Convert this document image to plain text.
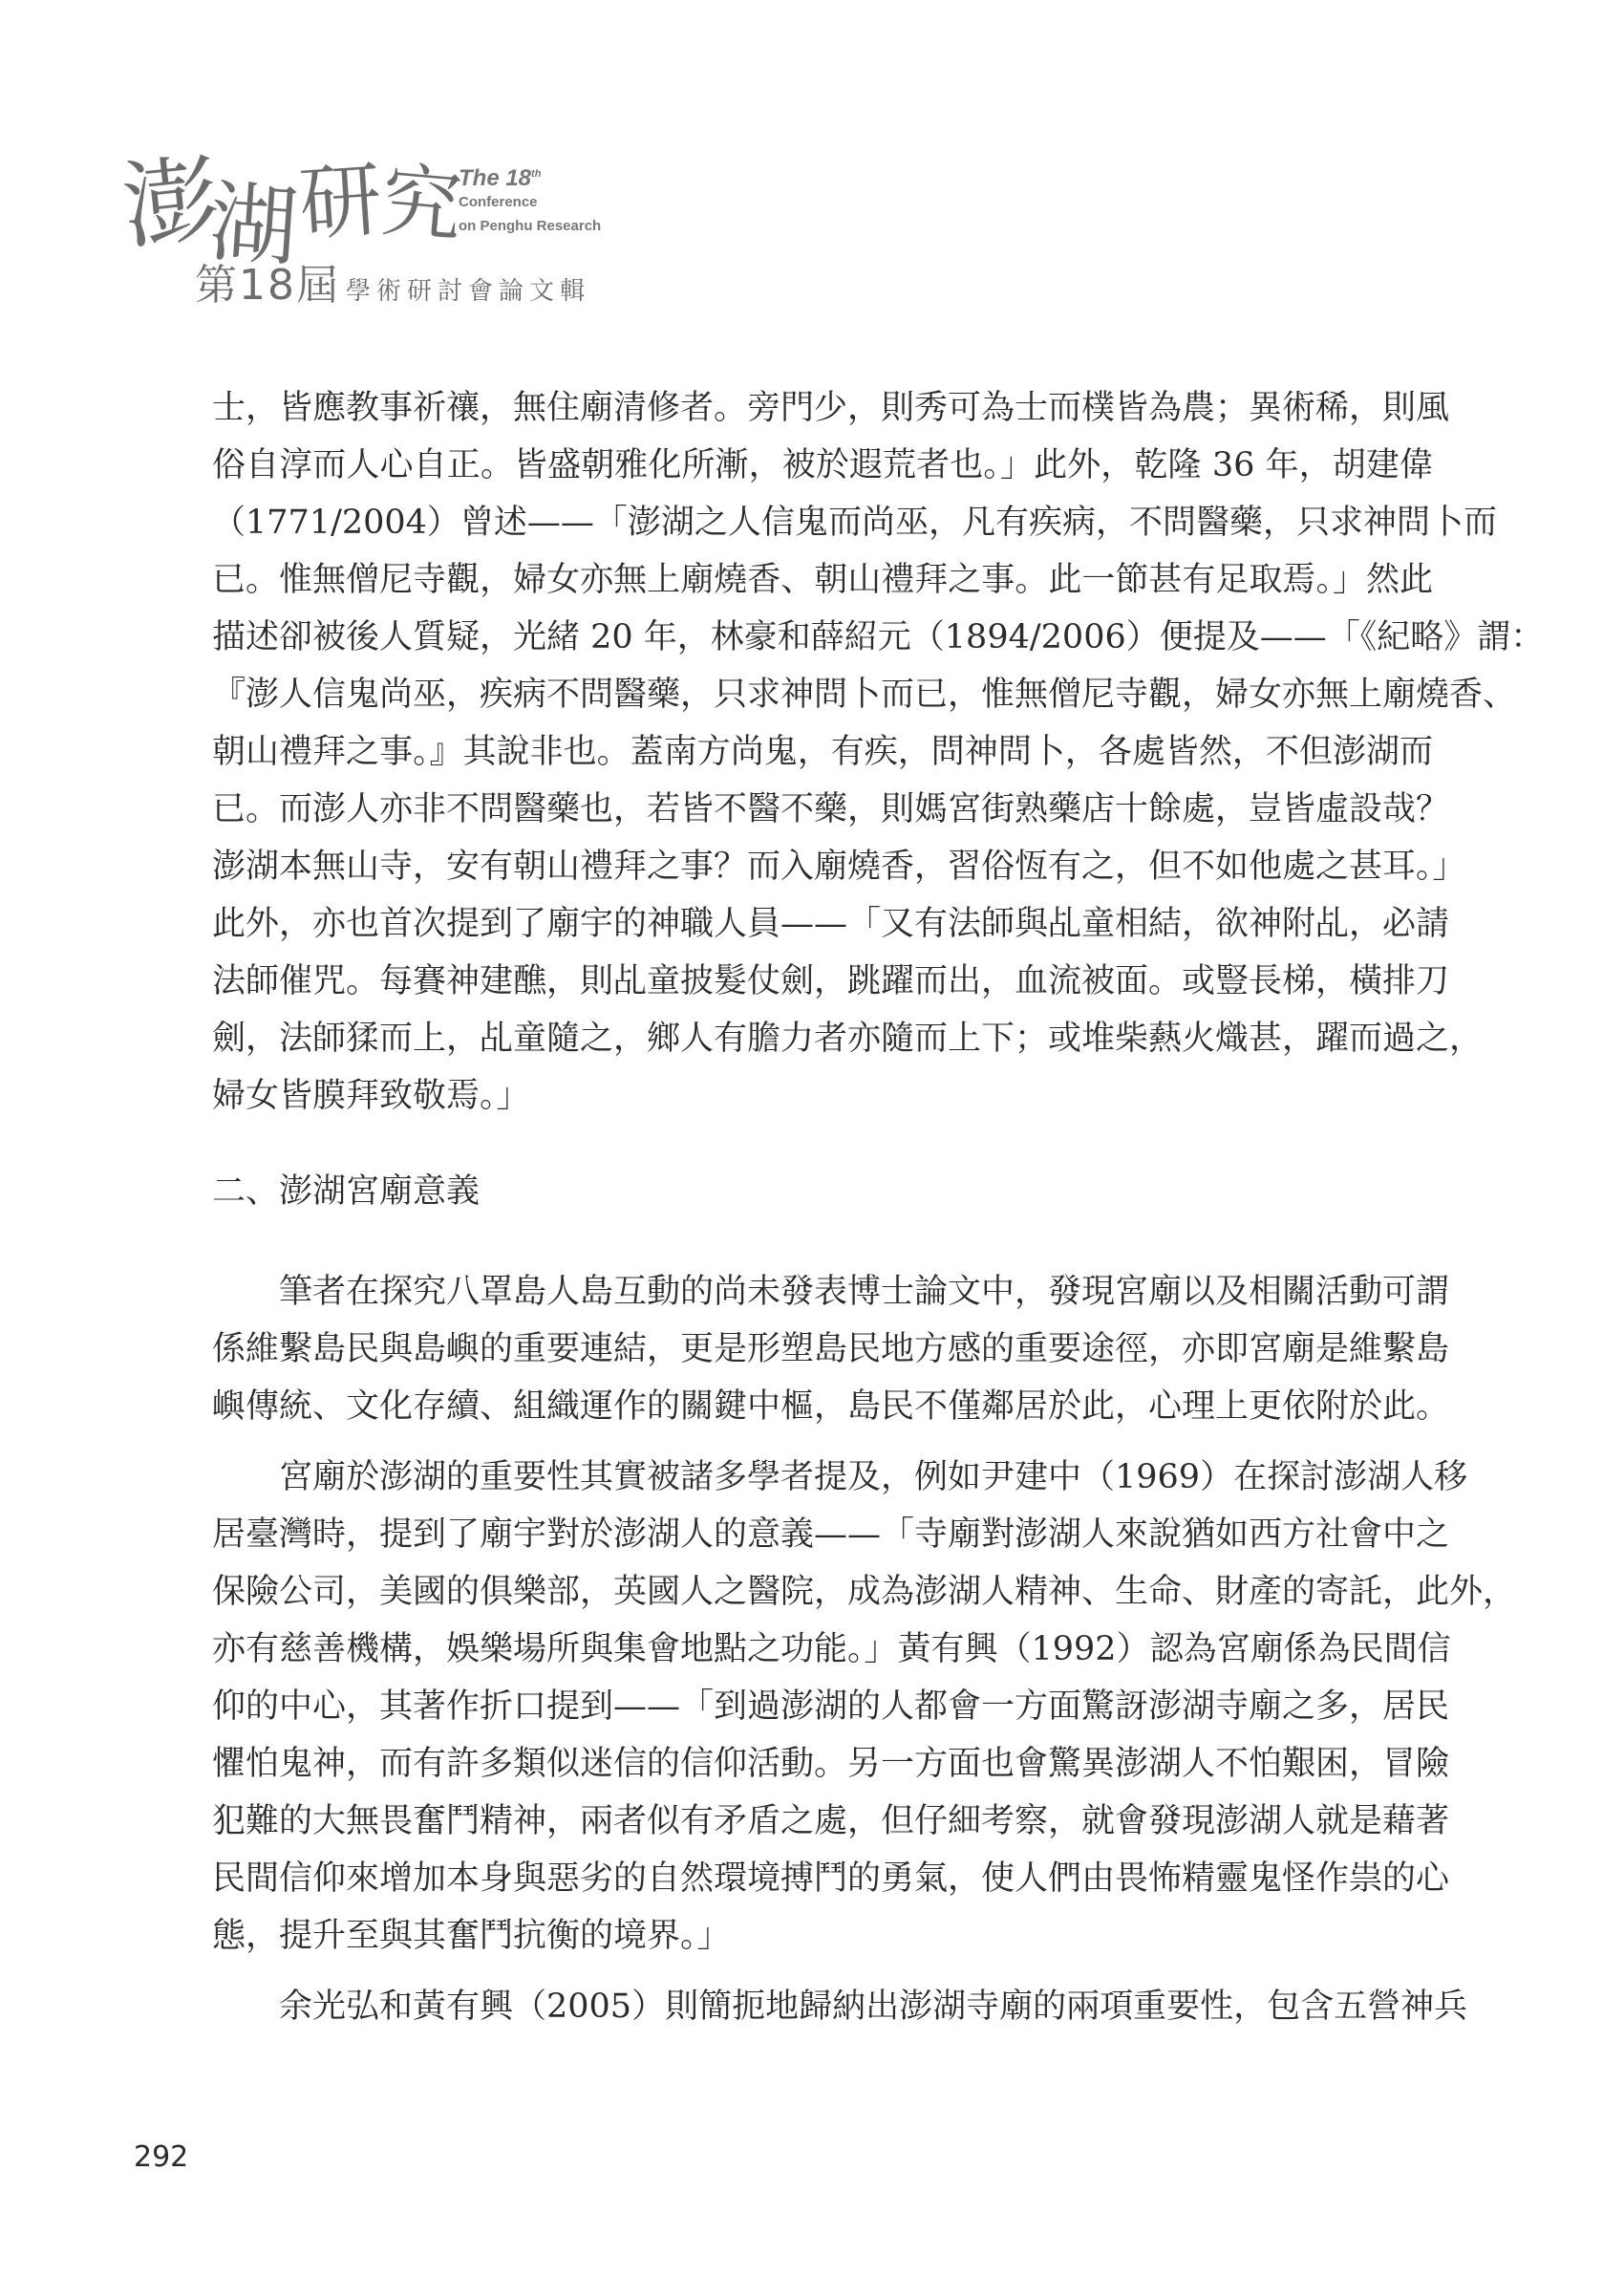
澎
湖
研
究
The 18th
Conference
on Penghu Research
第18屆 學術研討會論文輯
士，皆應教事祈禳，無住廟清修者。旁門少，則秀可為士而樸皆為農；異術稀，則風
俗自淳而人心自正。皆盛朝雅化所漸，被於遐荒者也。」此外，乾隆 36 年，胡建偉
（1771/2004）曾述——「澎湖之人信鬼而尚巫，凡有疾病，不問醫藥，只求神問卜而
已。惟無僧尼寺觀，婦女亦無上廟燒香、朝山禮拜之事。此一節甚有足取焉。」然此
描述卻被後人質疑，光緒 20 年，林豪和薛紹元（1894/2006）便提及——「《紀略》謂：
『澎人信鬼尚巫，疾病不問醫藥，只求神問卜而已，惟無僧尼寺觀，婦女亦無上廟燒香、
朝山禮拜之事。』其說非也。蓋南方尚鬼，有疾，問神問卜，各處皆然，不但澎湖而
已。而澎人亦非不問醫藥也，若皆不醫不藥，則媽宮街熟藥店十餘處，豈皆虛設哉？
澎湖本無山寺，安有朝山禮拜之事？而入廟燒香，習俗恆有之，但不如他處之甚耳。」
此外，亦也首次提到了廟宇的神職人員——「又有法師與乩童相結，欲神附乩，必請
法師催咒。每賽神建醮，則乩童披髮仗劍，跳躍而出，血流被面。或豎長梯，橫排刀
劍，法師猱而上，乩童隨之，鄉人有膽力者亦隨而上下；或堆柴爇火熾甚，躍而過之，
婦女皆膜拜致敬焉。」
二、澎湖宮廟意義
筆者在探究八罩島人島互動的尚未發表博士論文中，發現宮廟以及相關活動可謂
係維繫島民與島嶼的重要連結，更是形塑島民地方感的重要途徑，亦即宮廟是維繫島
嶼傳統、文化存續、組織運作的關鍵中樞，島民不僅鄰居於此，心理上更依附於此。
宮廟於澎湖的重要性其實被諸多學者提及，例如尹建中（1969）在探討澎湖人移
居臺灣時，提到了廟宇對於澎湖人的意義——「寺廟對澎湖人來說猶如西方社會中之
保險公司，美國的俱樂部，英國人之醫院，成為澎湖人精神、生命、財產的寄託，此外，
亦有慈善機構，娛樂場所與集會地點之功能。」黃有興（1992）認為宮廟係為民間信
仰的中心，其著作折口提到——「到過澎湖的人都會一方面驚訝澎湖寺廟之多，居民
懼怕鬼神，而有許多類似迷信的信仰活動。另一方面也會驚異澎湖人不怕艱困，冒險
犯難的大無畏奮鬥精神，兩者似有矛盾之處，但仔細考察，就會發現澎湖人就是藉著
民間信仰來增加本身與惡劣的自然環境搏鬥的勇氣，使人們由畏怖精靈鬼怪作祟的心
態，提升至與其奮鬥抗衡的境界。」
余光弘和黃有興（2005）則簡扼地歸納出澎湖寺廟的兩項重要性，包含五營神兵
292
